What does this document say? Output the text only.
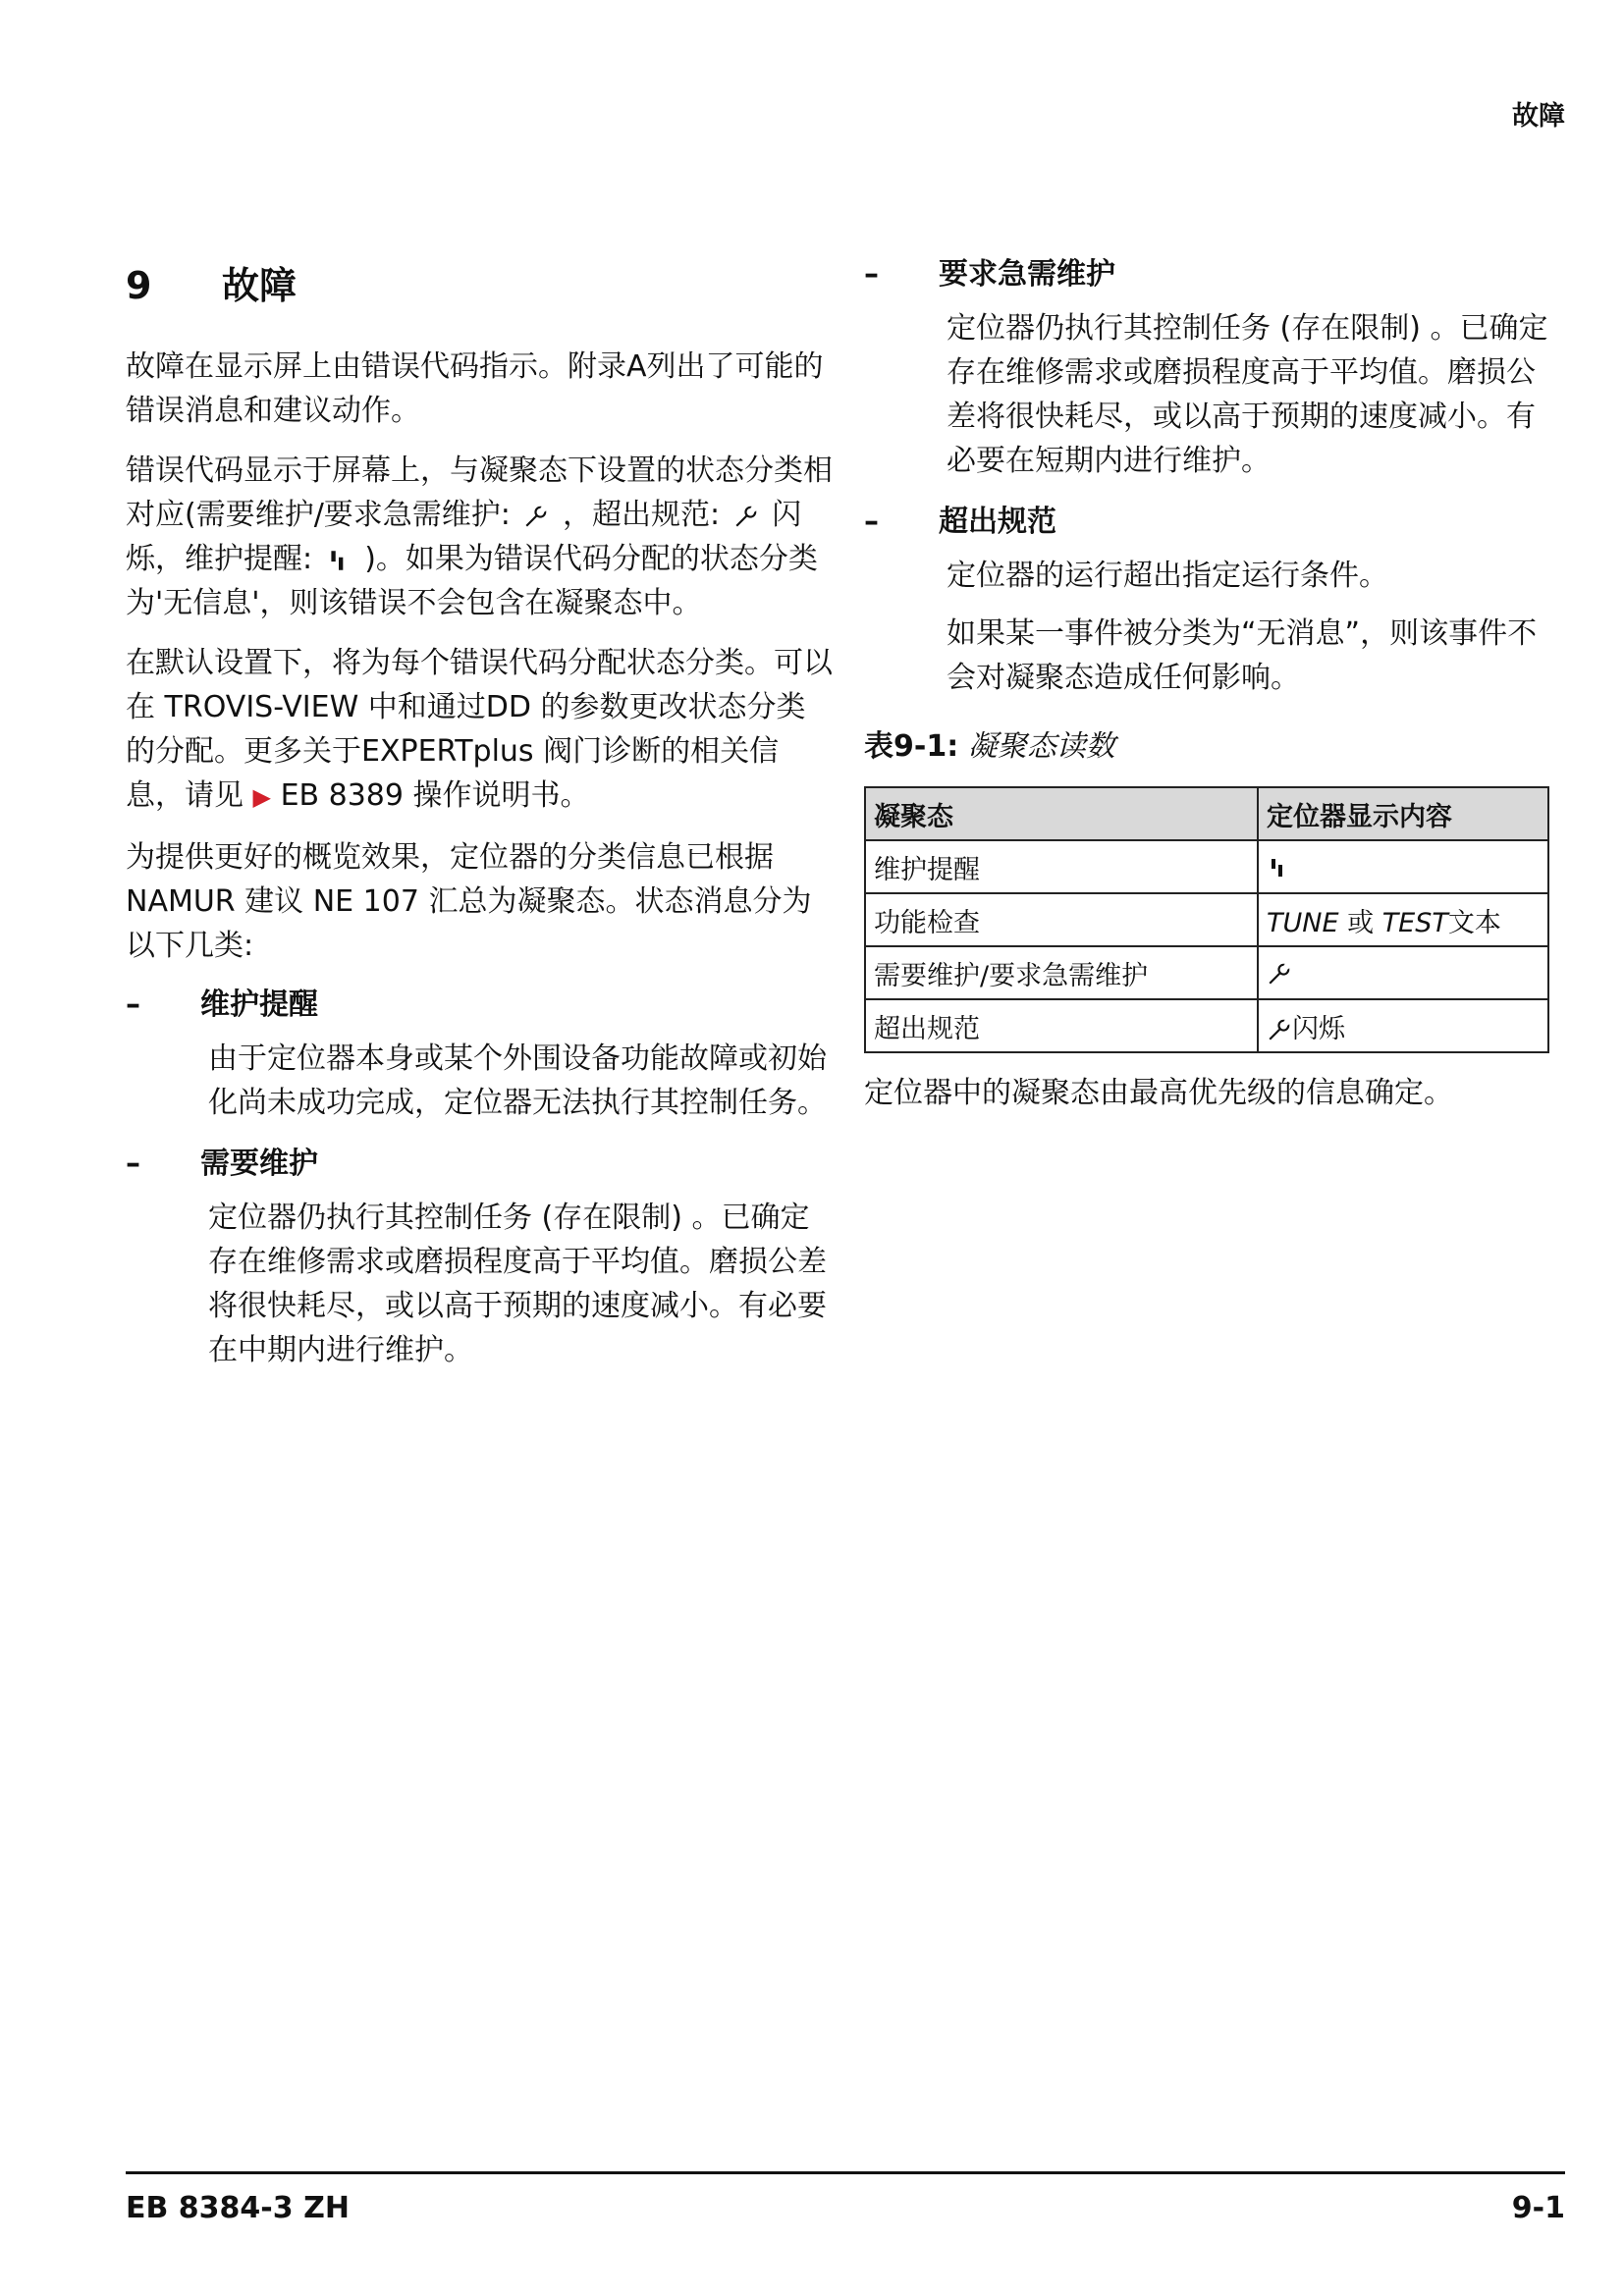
故障
9	故障

故障在显示屏上由错误代码指示。附录A列出了可能的错误消息和建议动作。

错误代码显示于屏幕上，与凝聚态下设置的状态分类相对应(需要维护/要求急需维护: ，超出规范: 闪烁，维护提醒: )。如果为错误代码分配的状态分类为'无信息'，则该错误不会包含在凝聚态中。

在默认设置下，将为每个错误代码分配状态分类。可以在 TROVIS-VIEW 中和通过DD 的参数更改状态分类的分配。更多关于EXPERTplus 阀门诊断的相关信息，请见 ▶ EB 8389 操作说明书。

为提供更好的概览效果，定位器的分类信息已根据 NAMUR 建议 NE 107 汇总为凝聚态。状态消息分为以下几类:

–	维护提醒
由于定位器本身或某个外围设备功能故障或初始化尚未成功完成，定位器无法执行其控制任务。
–	需要维护
定位器仍执行其控制任务 (存在限制) 。已确定存在维修需求或磨损程度高于平均值。磨损公差将很快耗尽，或以高于预期的速度减小。有必要在中期内进行维护。
–	要求急需维护
定位器仍执行其控制任务 (存在限制) 。已确定存在维修需求或磨损程度高于平均值。磨损公差将很快耗尽，或以高于预期的速度减小。有必要在短期内进行维护。
–	超出规范

定位器的运行超出指定运行条件。

如果某一事件被分类为“无消息”，则该事件不会对凝聚态造成任何影响。

表9-1: 凝聚态读数
凝聚态	定位器显示内容
维护提醒	
功能检查	TUNE 或 TEST文本
需要维护/要求急需维护	
超出规范	闪烁

定位器中的凝聚态由最高优先级的信息确定。

EB 8384-3 ZH	9-1
